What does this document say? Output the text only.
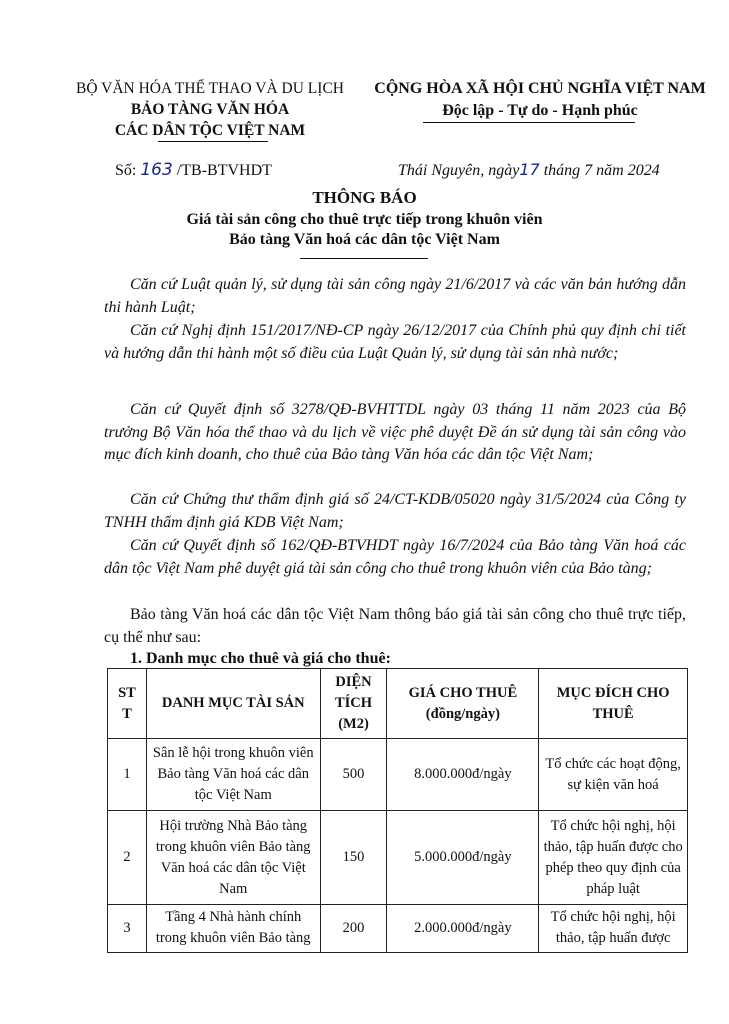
BỘ VĂN HÓA THỂ THAO VÀ DU LỊCH
BẢO TÀNG VĂN HÓA
CÁC DÂN TỘC VIỆT NAM
CỘNG HÒA XÃ HỘI CHỦ NGHĨA VIỆT NAM
Độc lập - Tự do - Hạnh phúc
Số: 163 /TB-BTVHDT	Thái Nguyên, ngày17 tháng 7 năm 2024
THÔNG BÁO
Giá tài sản công cho thuê trực tiếp trong khuôn viên
Bảo tàng Văn hoá các dân tộc Việt Nam
Căn cứ Luật quản lý, sử dụng tài sản công ngày 21/6/2017 và các văn bản hướng dẫn thi hành Luật;
Căn cứ Nghị định 151/2017/NĐ-CP ngày 26/12/2017 của Chính phủ quy định chi tiết và hướng dẫn thi hành một số điều của Luật Quản lý, sử dụng tài sản nhà nước;
Căn cứ Quyết định số 3278/QĐ-BVHTTDL ngày 03 tháng 11 năm 2023 của Bộ trưởng Bộ Văn hóa thể thao và du lịch về việc phê duyệt Đề án sử dụng tài sản công vào mục đích kinh doanh, cho thuê của Bảo tàng Văn hóa các dân tộc Việt Nam;
Căn cứ Chứng thư thẩm định giá số 24/CT-KDB/05020 ngày 31/5/2024 của Công ty TNHH thẩm định giá KDB Việt Nam;
Căn cứ Quyết định số 162/QĐ-BTVHDT ngày 16/7/2024 của Bảo tàng Văn hoá các dân tộc Việt Nam phê duyệt giá tài sản công cho thuê trong khuôn viên của Bảo tàng;
Bảo tàng Văn hoá các dân tộc Việt Nam thông báo giá tài sản công cho thuê trực tiếp, cụ thể như sau:
1. Danh mục cho thuê và giá cho thuê:
ST T	DANH MỤC TÀI SẢN	DIỆN TÍCH (M2)	GIÁ CHO THUÊ (đồng/ngày)	MỤC ĐÍCH CHO THUÊ
1	Sân lễ hội trong khuôn viên Bảo tàng Văn hoá các dân tộc Việt Nam	500	8.000.000đ/ngày	Tổ chức các hoạt động, sự kiện văn hoá
2	Hội trường Nhà Bảo tàng trong khuôn viên Bảo tàng Văn hoá các dân tộc Việt Nam	150	5.000.000đ/ngày	Tổ chức hội nghị, hội thảo, tập huấn được cho phép theo quy định của pháp luật
3	Tầng 4 Nhà hành chính trong khuôn viên Bảo tàng	200	2.000.000đ/ngày	Tổ chức hội nghị, hội thảo, tập huấn được
